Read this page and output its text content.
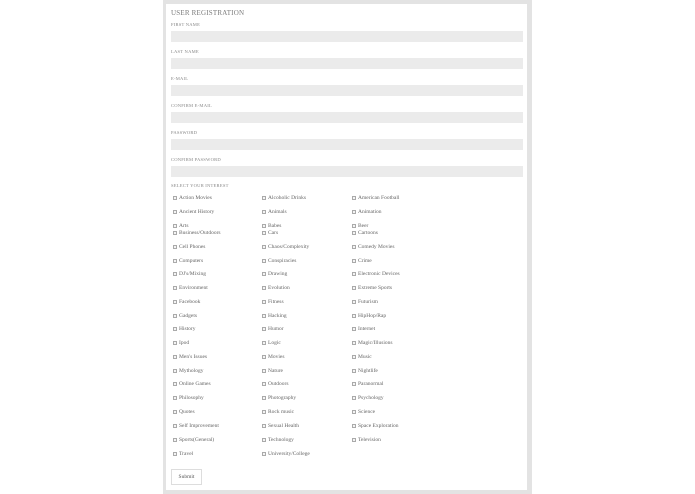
USER REGISTRATION
FIRST NAME
LAST NAME
E-MAIL
CONFIRM E-MAIL
PASSWORD
CONFIRM PASSWORD
SELECT YOUR INTEREST
Action Movies	Alcoholic Drinks	American Football
Ancient History	Animals	Animation
Arts	Babes	Beer
Business/Outdoors	Cars	Cartoons
Cell Phones	Chaos/Complexity	Comedy Movies
Computers	Conspiracies	Crime
DJ's/Mixing	Drawing	Electronic Devices
Environment	Evolution	Extreme Sports
Facebook	Fitness	Futurism
Gadgets	Hacking	HipHop/Rap
History	Humor	Internet
Ipod	Logic	Magic/Illusions
Men's Issues	Movies	Music
Mythology	Nature	Nightlife
Online Games	Outdoors	Paranormal
Philosophy	Photography	Psychology
Quotes	Rock music	Science
Self Improvement	Sexual Health	Space Exploration
Sports(General)	Technology	Television
Travel	University/College
Submit
